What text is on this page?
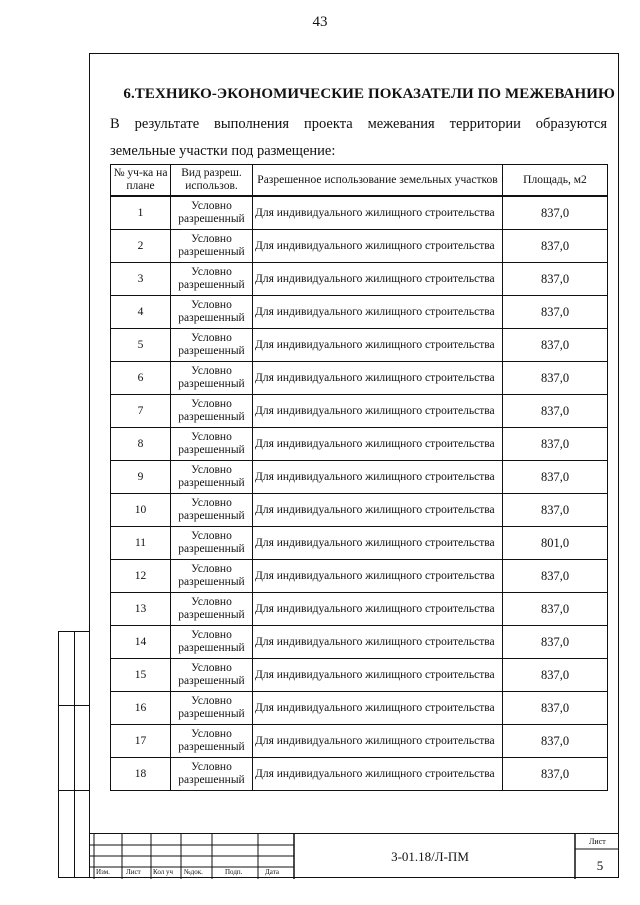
43
6.ТЕХНИКО-ЭКОНОМИЧЕСКИЕ ПОКАЗАТЕЛИ ПО МЕЖЕВАНИЮ
В результате выполнения проекта межевания территории образуются
земельные участки под размещение:
№ уч-ка на плане	Вид разреш. использов.	Разрешенное использование земельных участков	Площадь, м2
1	Условно разрешенный	Для индивидуального жилищного строительства	837,0
2	Условно разрешенный	Для индивидуального жилищного строительства	837,0
3	Условно разрешенный	Для индивидуального жилищного строительства	837,0
4	Условно разрешенный	Для индивидуального жилищного строительства	837,0
5	Условно разрешенный	Для индивидуального жилищного строительства	837,0
6	Условно разрешенный	Для индивидуального жилищного строительства	837,0
7	Условно разрешенный	Для индивидуального жилищного строительства	837,0
8	Условно разрешенный	Для индивидуального жилищного строительства	837,0
9	Условно разрешенный	Для индивидуального жилищного строительства	837,0
10	Условно разрешенный	Для индивидуального жилищного строительства	837,0
11	Условно разрешенный	Для индивидуального жилищного строительства	801,0
12	Условно разрешенный	Для индивидуального жилищного строительства	837,0
13	Условно разрешенный	Для индивидуального жилищного строительства	837,0
14	Условно разрешенный	Для индивидуального жилищного строительства	837,0
15	Условно разрешенный	Для индивидуального жилищного строительства	837,0
16	Условно разрешенный	Для индивидуального жилищного строительства	837,0
17	Условно разрешенный	Для индивидуального жилищного строительства	837,0
18	Условно разрешенный	Для индивидуального жилищного строительства	837,0
Изм. Лист Кол уч №док.	Подп.	Дата
3-01.18/Л-ПМ
Лист
5
